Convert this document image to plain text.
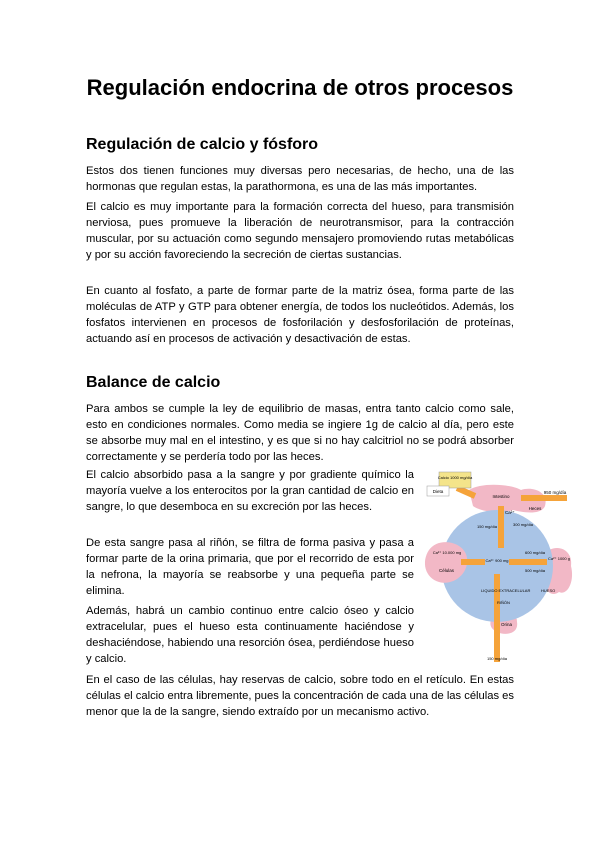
Regulación endocrina de otros procesos
Regulación de calcio y fósforo

Estos dos tienen funciones muy diversas pero necesarias, de hecho, una de las hormonas que regulan estas, la parathormona, es una de las más importantes.

El calcio es muy importante para la formación correcta del hueso, para transmisión nerviosa, pues promueve la liberación de neurotransmisor, para la contracción muscular, por su actuación como segundo mensajero promoviendo rutas metabólicas y por su acción favoreciendo la secreción de ciertas sustancias.

En cuanto al fosfato, a parte de formar parte de la matriz ósea, forma parte de las moléculas de ATP y GTP para obtener energía, de todos los nucleótidos. Además, los fosfatos intervienen en procesos de fosforilación y desfosforilación de proteínas, actuando así en procesos de activación y desactivación de estas.

Balance de calcio

Para ambos se cumple la ley de equilibrio de masas, entra tanto calcio como sale, esto en condiciones normales. Como media se ingiere 1g de calcio al día, pero este se absorbe muy mal en el intestino, y es que si no hay calcitriol no se podrá absorber correctamente y se perdería todo por las heces.

El calcio absorbido pasa a la sangre y por gradiente químico la mayoría vuelve a los enterocitos por la gran cantidad de calcio en sangre, lo que desemboca en su excreción por las heces.

De esta sangre pasa al riñón, se filtra de forma pasiva y pasa a formar parte de la orina primaria, que por el recorrido de esta por la nefrona, la mayoría se reabsorbe y una pequeña parte se elimina.

Además, habrá un cambio continuo entre calcio óseo y calcio extracelular, pues el hueso esta continuamente haciéndose y deshaciéndose, habiendo una resorción ósea, perdiéndose hueso y calcio.

En el caso de las células, hay reservas de calcio, sobre todo en el retículo. En estas células el calcio entra libremente, pues la concentración de cada una de las células es menor que la de la sangre, siendo extraído por un mecanismo activo.

Calcio 1000 mg/día
Dieta
Intestino
950 mg/día
Heces
Ca²⁺
300 mg/día
150 mg/día
Ca²⁺ 10.000 mg
Células
Ca²⁺ 900 mg
600 mg/día
500 mg/día
Ca²⁺ 1000 g
LIQUIDO EXTRACELULAR	HUESO
RIÑÓN
Orina
150 mg/día
